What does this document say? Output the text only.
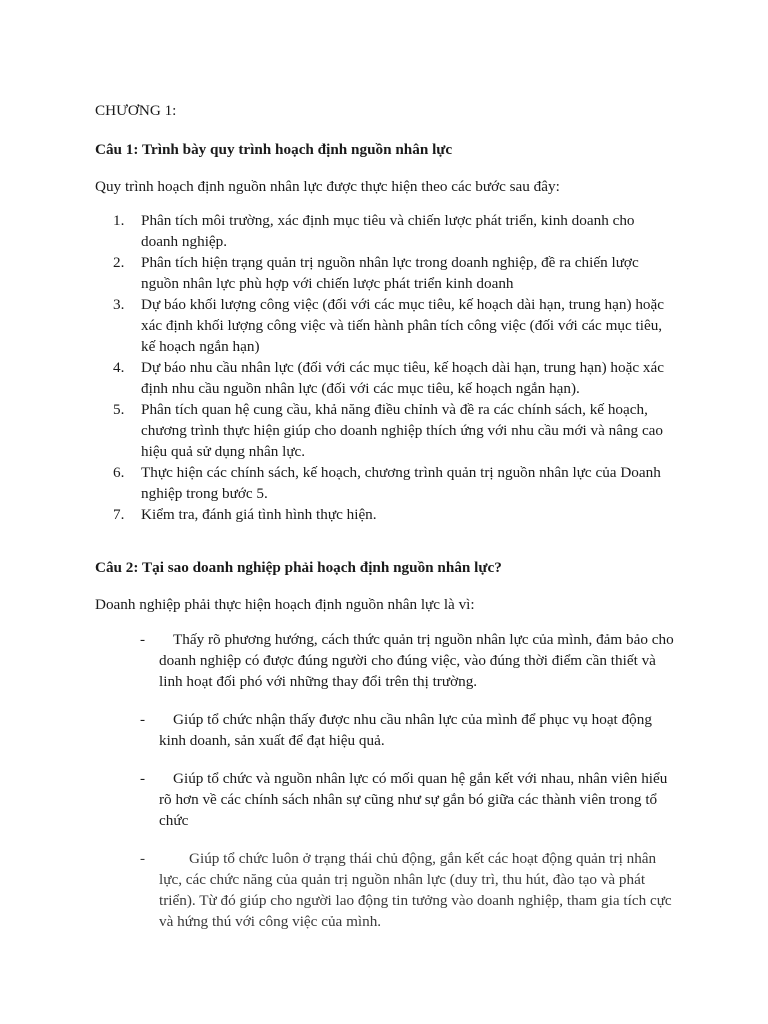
CHƯƠNG 1:

Câu 1: Trình bày quy trình hoạch định nguồn nhân lực

Quy trình hoạch định nguồn nhân lực được thực hiện theo các bước sau đây:

1. Phân tích môi trường, xác định mục tiêu và chiến lược phát triển, kinh doanh cho doanh nghiệp.
2. Phân tích hiện trạng quản trị nguồn nhân lực trong doanh nghiệp, đề ra chiến lược nguồn nhân lực phù hợp với chiến lược phát triển kinh doanh
3. Dự báo khối lượng công việc (đối với các mục tiêu, kế hoạch dài hạn, trung hạn) hoặc xác định khối lượng công việc và tiến hành phân tích công việc (đối với các mục tiêu, kế hoạch ngắn hạn)
4. Dự báo nhu cầu nhân lực (đối với các mục tiêu, kế hoạch dài hạn, trung hạn) hoặc xác định nhu cầu nguồn nhân lực (đối với các mục tiêu, kế hoạch ngắn hạn).
5. Phân tích quan hệ cung cầu, khả năng điều chỉnh và đề ra các chính sách, kế hoạch, chương trình thực hiện giúp cho doanh nghiệp thích ứng với nhu cầu mới và nâng cao hiệu quả sử dụng nhân lực.
6. Thực hiện các chính sách, kế hoạch, chương trình quản trị nguồn nhân lực của Doanh nghiệp trong bước 5.
7. Kiểm tra, đánh giá tình hình thực hiện.

Câu 2: Tại sao doanh nghiệp phải hoạch định nguồn nhân lực?

Doanh nghiệp phải thực hiện hoạch định nguồn nhân lực là vì:

- Thấy rõ phương hướng, cách thức quản trị nguồn nhân lực của mình, đảm bảo cho doanh nghiệp có được đúng người cho đúng việc, vào đúng thời điểm cần thiết và linh hoạt đối phó với những thay đổi trên thị trường.
- Giúp tổ chức nhận thấy được nhu cầu nhân lực của mình để phục vụ hoạt động kinh doanh, sản xuất để đạt hiệu quả.
- Giúp tổ chức và nguồn nhân lực có mối quan hệ gắn kết với nhau, nhân viên hiểu rõ hơn về các chính sách nhân sự cũng như sự gắn bó giữa các thành viên trong tổ chức
-	Giúp tổ chức luôn ở trạng thái chủ động, gắn kết các hoạt động quản trị nhân lực, các chức năng của quản trị nguồn nhân lực (duy trì, thu hút, đào tạo và phát triển). Từ đó giúp cho người lao động tin tưởng vào doanh nghiệp, tham gia tích cực và hứng thú với công việc của mình.
